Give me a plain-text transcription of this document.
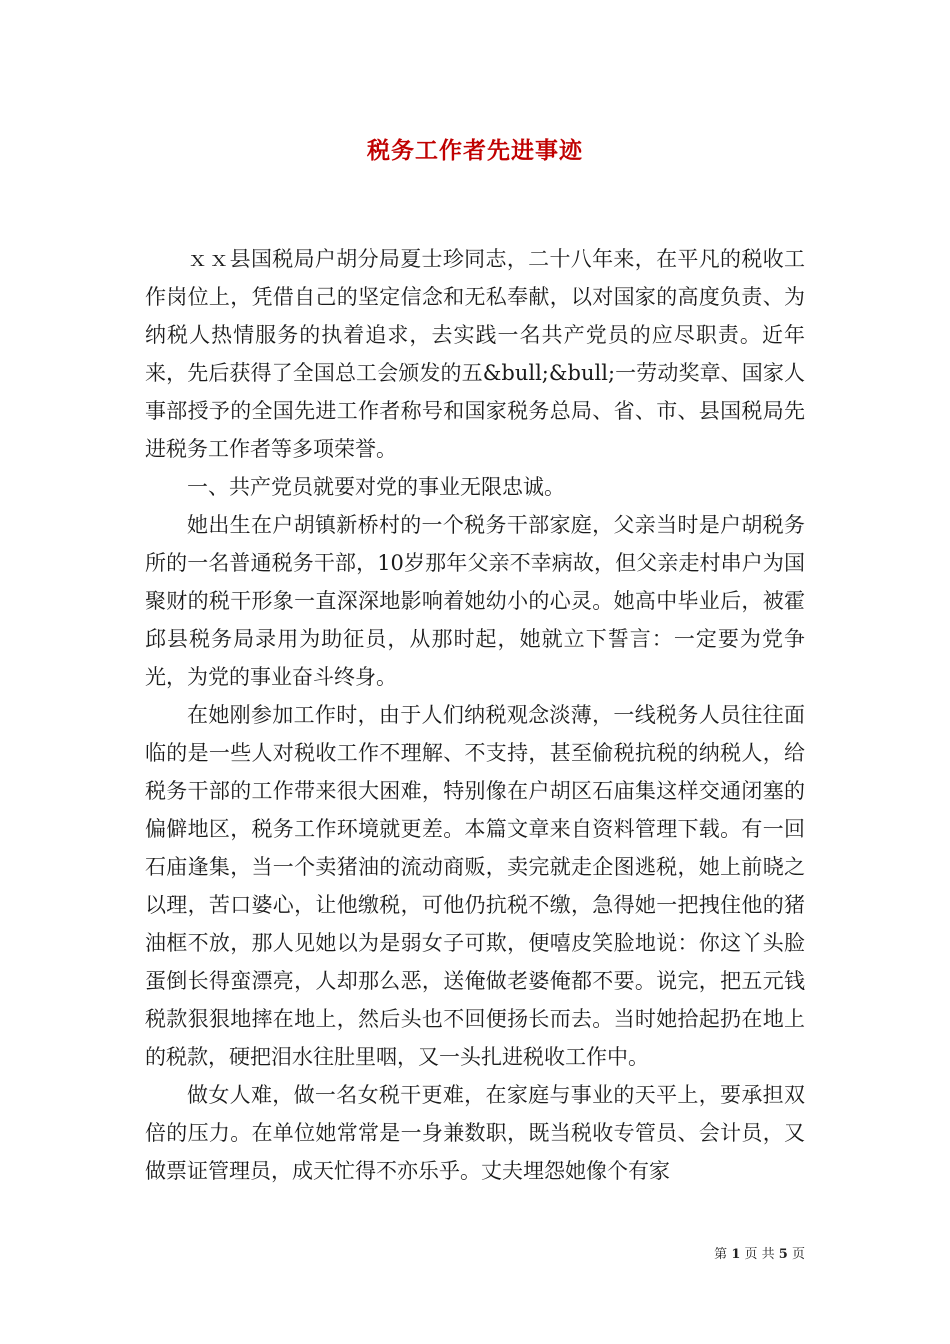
税务工作者先进事迹

ｘｘ县国税局户胡分局夏士珍同志，二十八年来，在平凡的税收工作岗位上，凭借自己的坚定信念和无私奉献，以对国家的高度负责、为纳税人热情服务的执着追求，去实践一名共产党员的应尽职责。近年来，先后获得了全国总工会颁发的五&bull;&bull;一劳动奖章、国家人事部授予的全国先进工作者称号和国家税务总局、省、市、县国税局先进税务工作者等多项荣誉。

一、共产党员就要对党的事业无限忠诚。

她出生在户胡镇新桥村的一个税务干部家庭，父亲当时是户胡税务所的一名普通税务干部，10岁那年父亲不幸病故，但父亲走村串户为国聚财的税干形象一直深深地影响着她幼小的心灵。她高中毕业后，被霍邱县税务局录用为助征员，从那时起，她就立下誓言：一定要为党争光，为党的事业奋斗终身。

在她刚参加工作时，由于人们纳税观念淡薄，一线税务人员往往面临的是一些人对税收工作不理解、不支持，甚至偷税抗税的纳税人，给税务干部的工作带来很大困难，特别像在户胡区石庙集这样交通闭塞的偏僻地区，税务工作环境就更差。本篇文章来自资料管理下载。有一回石庙逢集，当一个卖猪油的流动商贩，卖完就走企图逃税，她上前晓之以理，苦口婆心，让他缴税，可他仍抗税不缴，急得她一把拽住他的猪油框不放，那人见她以为是弱女子可欺，便嘻皮笑脸地说：你这丫头脸蛋倒长得蛮漂亮，人却那么恶，送俺做老婆俺都不要。说完，把五元钱税款狠狠地摔在地上，然后头也不回便扬长而去。当时她拾起扔在地上的税款，硬把泪水往肚里咽，又一头扎进税收工作中。

做女人难，做一名女税干更难，在家庭与事业的天平上，要承担双倍的压力。在单位她常常是一身兼数职，既当税收专管员、会计员，又做票证管理员，成天忙得不亦乐乎。丈夫埋怨她像个有家

第 1 页 共 5 页
